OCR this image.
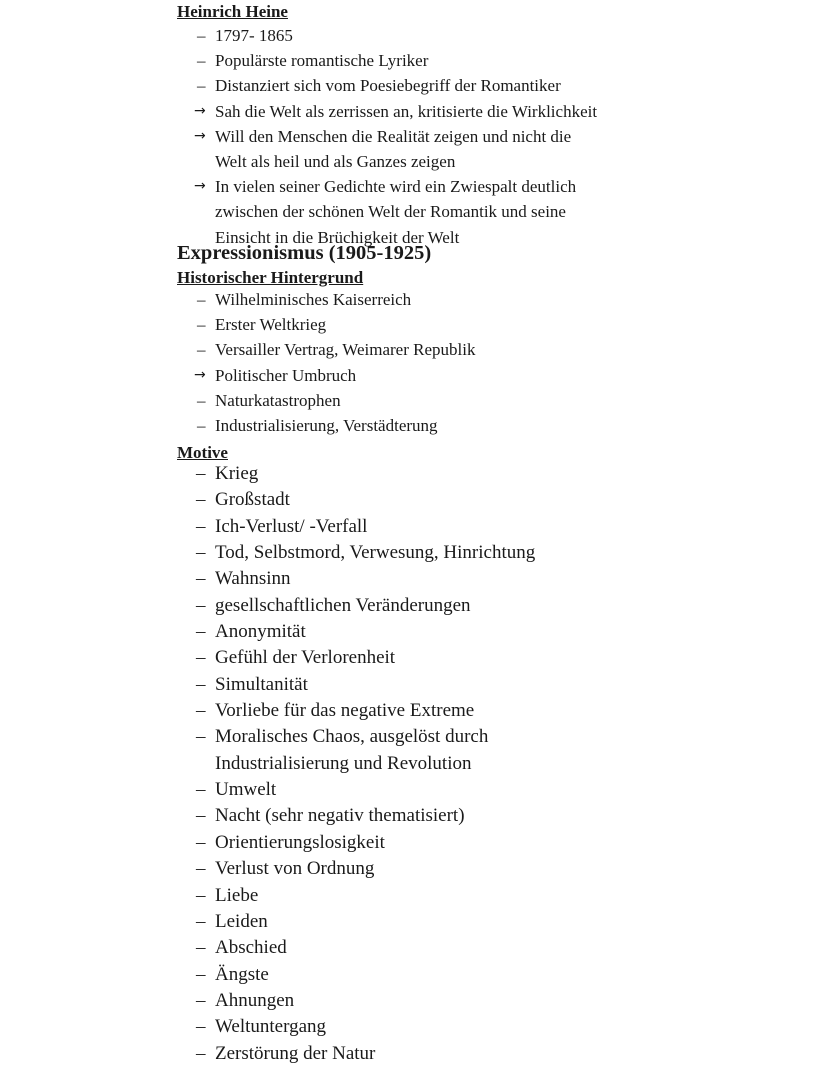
Heinrich Heine
– 1797- 1865
– Populärste romantische Lyriker
– Distanziert sich vom Poesiebegriff der Romantiker
→ Sah die Welt als zerrissen an, kritisierte die Wirklichkeit
→ Will den Menschen die Realität zeigen und nicht die
Welt als heil und als Ganzes zeigen
→ In vielen seiner Gedichte wird ein Zwiespalt deutlich
zwischen der schönen Welt der Romantik und seine
Einsicht in die Brüchigkeit der Welt
Expressionismus (1905-1925)
Historischer Hintergrund
– Wilhelminisches Kaiserreich
– Erster Weltkrieg
– Versailler Vertrag, Weimarer Republik
→ Politischer Umbruch
– Naturkatastrophen
– Industrialisierung, Verstädterung
Motive
– Krieg
– Großstadt
– Ich-Verlust/ -Verfall
– Tod, Selbstmord, Verwesung, Hinrichtung
– Wahnsinn
– gesellschaftlichen Veränderungen
– Anonymität
– Gefühl der Verlorenheit
– Simultanität
– Vorliebe für das negative Extreme
– Moralisches Chaos, ausgelöst durch
Industrialisierung und Revolution
– Umwelt
– Nacht (sehr negativ thematisiert)
– Orientierungslosigkeit
– Verlust von Ordnung
– Liebe
– Leiden
– Abschied
– Ängste
– Ahnungen
– Weltuntergang
– Zerstörung der Natur
